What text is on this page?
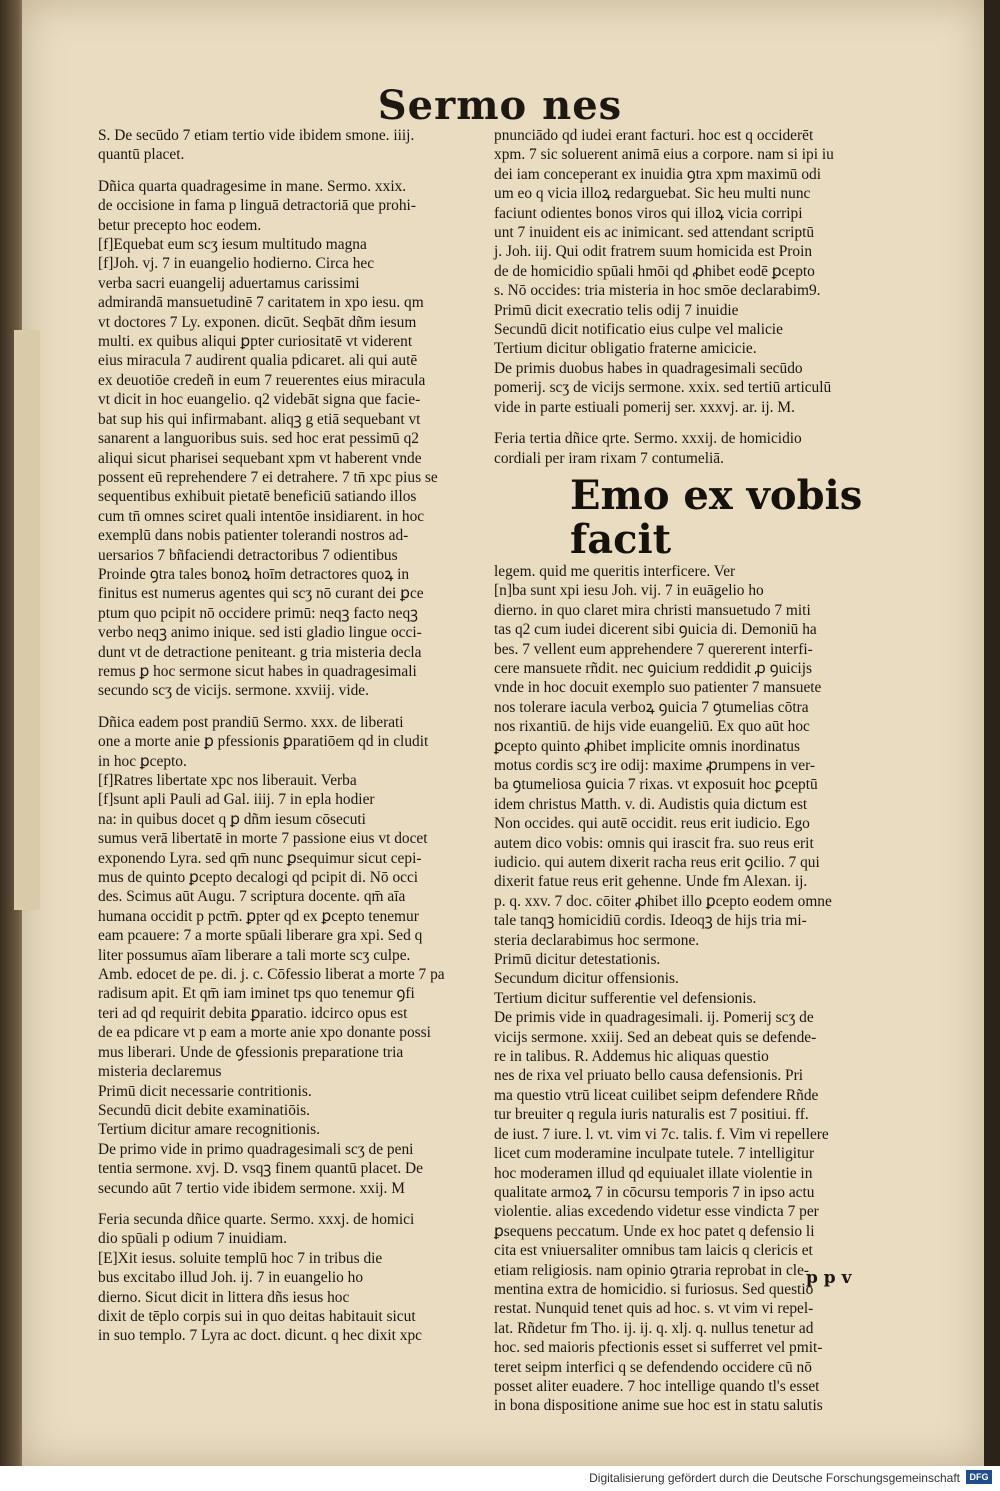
Sermo nes
S. De secūdo 7 etiam tertio vide ibidem smone. iiij.
quantū placet.
Dñica quarta quadragesime in mane. Sermo. xxix.
de occisione in fama p linguā detractoriā que prohi-
betur precepto hoc eodem.
[f]Equebat eum scʒ iesum multitudo magna
[f]Joh. vj. 7 in euangelio hodierno. Circa hec
verba sacri euangelij aduertamus carissimi
admirandā mansuetudinē 7 caritatem in xpo iesu. qm
vt doctores 7 Ly. exponen. dicūt. Seqbāt dñm iesum
multi. ex quibus aliqui ꝑpter curiositatē vt viderent
eius miracula 7 audirent qualia pdicaret. ali qui autē
ex deuotiōe credeñ in eum 7 reuerentes eius miracula
vt dicit in hoc euangelio. q2 videbāt signa que facie-
bat sup his qui infirmabant. aliqꝫ g etiā sequebant vt
sanarent a languoribus suis. sed hoc erat pessimū q2
aliqui sicut pharisei sequebant xpm vt haberent vnde
possent eū reprehendere 7 ei detrahere. 7 tn̄ xpc pius se
sequentibus exhibuit pietatē beneficiū satiando illos
cum tn̄ omnes sciret quali intentōe insidiarent. in hoc
exemplū dans nobis patienter tolerandi nostros ad-
uersarios 7 bñfaciendi detractoribus 7 odientibus
Proinde ꝯtra tales bonoꝝ hoīm detractores quoꝝ in
finitus est numerus agentes qui scʒ nō curant dei ꝑce
ptum quo pcipit nō occidere primū: neqꝫ facto neqꝫ
verbo neqꝫ animo inique. sed isti gladio lingue occi-
dunt vt de detractione peniteant. g tria misteria decla
remus ꝑ hoc sermone sicut habes in quadragesimali
secundo scʒ de vicijs. sermone. xxviij. vide.
Dñica eadem post prandiū Sermo. xxx. de liberati
one a morte anie ꝑ pfessionis ꝑparatiōem qd in cludit
in hoc ꝑcepto.
[f]Ratres libertate xpc nos liberauit. Verba
[f]sunt apli Pauli ad Gal. iiij. 7 in epla hodier
na: in quibus docet q ꝑ dñm iesum cōsecuti
sumus verā libertatē in morte 7 passione eius vt docet
exponendo Lyra. sed qm̄ nunc ꝑsequimur sicut cepi-
mus de quinto ꝑcepto decalogi qd pcipit di. Nō occi
des. Scimus aūt Augu. 7 scriptura docente. qm̄ aīa
humana occidit p pctm̄. ꝑpter qd ex ꝑcepto tenemur
eam pcauere: 7 a morte spūali liberare gra xpi. Sed q
liter possumus aīam liberare a tali morte scʒ culpe.
Amb. edocet de pe. di. j. c. Cōfessio liberat a morte 7 pa
radisum apit. Et qm̄ iam iminet tps quo tenemur ꝯfi
teri ad qd requirit debita ꝑparatio. idcirco opus est
de ea pdicare vt p eam a morte anie xpo donante possi
mus liberari. Unde de ꝯfessionis preparatione tria
misteria declaremus
Primū dicit necessarie contritionis.
Secundū dicit debite examinatiōis.
Tertium dicitur amare recognitionis.
De primo vide in primo quadragesimali scʒ de peni
tentia sermone. xvj. D. vsqꝫ finem quantū placet. De
secundo aūt 7 tertio vide ibidem sermone. xxij. M
Feria secunda dñice quarte. Sermo. xxxj. de homici
dio spūali p odium 7 inuidiam.
[E]Xit iesus. soluite templū hoc 7 in tribus die
bus excitabo illud Joh. ij. 7 in euangelio ho
dierno. Sicut dicit in littera dñs iesus hoc
dixit de tēplo corpis sui in quo deitas habitauit sicut
in suo templo. 7 Lyra ac doct. dicunt. q hec dixit xpc
pnunciādo qd iudei erant facturi. hoc est q occiderēt
xpm. 7 sic soluerent animā eius a corpore. nam si ipi iu
dei iam conceperant ex inuidia ꝯtra xpm maximū odi
um eo q vicia illoꝝ redarguebat. Sic heu multi nunc
faciunt odientes bonos viros qui illoꝝ vicia corripi
unt 7 inuident eis ac inimicant. sed attendant scriptū
j. Joh. iij. Qui odit fratrem suum homicida est Proin
de de homicidio spūali hmōi qd ꝓhibet eodē ꝑcepto
s. Nō occides: tria misteria in hoc smōe declarabim9.
Primū dicit execratio telis odij 7 inuidie
Secundū dicit notificatio eius culpe vel malicie
Tertium dicitur obligatio fraterne amicicie.
De primis duobus habes in quadragesimali secūdo
pomerij. scʒ de vicijs sermone. xxix. sed tertiū articulū
vide in parte estiuali pomerij ser. xxxvj. ar. ij. M.
Feria tertia dñice qrte. Sermo. xxxij. de homicidio
cordiali per iram rixam 7 contumeliā.
Emo ex vobis facit
legem. quid me queritis interficere. Ver
[n]ba sunt xpi iesu Joh. vij. 7 in euāgelio ho
dierno. in quo claret mira christi mansuetudo 7 miti
tas q2 cum iudei dicerent sibi ꝯuicia di. Demoniū ha
bes. 7 vellent eum apprehendere 7 quererent interfi-
cere mansuete rñdit. nec ꝯuicium reddidit ꝓ ꝯuicijs
vnde in hoc docuit exemplo suo patienter 7 mansuete
nos tolerare iacula verboꝝ ꝯuicia 7 ꝯtumelias cōtra
nos rixantiū. de hijs vide euangeliū. Ex quo aūt hoc
ꝑcepto quinto ꝓhibet implicite omnis inordinatus
motus cordis scʒ ire odij: maxime ꝓrumpens in ver-
ba ꝯtumeliosa ꝯuicia 7 rixas. vt exposuit hoc ꝑceptū
idem christus Matth. v. di. Audistis quia dictum est
Non occides. qui autē occidit. reus erit iudicio. Ego
autem dico vobis: omnis qui irascit fra. suo reus erit
iudicio. qui autem dixerit racha reus erit ꝯcilio. 7 qui
dixerit fatue reus erit gehenne. Unde fm Alexan. ij.
p. q. xxv. 7 doc. cōiter ꝓhibet illo ꝑcepto eodem omne
tale tanqꝫ homicidiū cordis. Ideoqꝫ de hijs tria mi-
steria declarabimus hoc sermone.
Primū dicitur detestationis.
Secundum dicitur offensionis.
Tertium dicitur sufferentie vel defensionis.
De primis vide in quadragesimali. ij. Pomerij scʒ de
vicijs sermone. xxiij. Sed an debeat quis se defende-
re in talibus. R. Addemus hic aliquas questio
nes de rixa vel priuato bello causa defensionis. Pri
ma questio vtrū liceat cuilibet seipm defendere Rñde
tur breuiter q regula iuris naturalis est 7 positiui. ff.
de iust. 7 iure. l. vt. vim vi 7c. talis. f. Vim vi repellere
licet cum moderamine inculpate tutele. 7 intelligitur
hoc moderamen illud qd equiualet illate violentie in
qualitate armoꝝ 7 in cōcursu temporis 7 in ipso actu
violentie. alias excedendo videtur esse vindicta 7 per
ꝑsequens peccatum. Unde ex hoc patet q defensio li
cita est vniuersaliter omnibus tam laicis q clericis et
etiam religiosis. nam opinio ꝯtraria reprobat in cle-
mentina extra de homicidio. si furiosus. Sed questio
restat. Nunquid tenet quis ad hoc. s. vt vim vi repel-
lat. Rñdetur fm Tho. ij. ij. q. xlj. q. nullus tenetur ad
hoc. sed maioris pfectionis esset si sufferret vel pmit-
teret seipm interfici q se defendendo occidere cū nō
posset aliter euadere. 7 hoc intellige quando tl's esset
in bona dispositione anime sue hoc est in statu salutis
p p v
Digitalisierung gefördert durch die Deutsche Forschungsgemeinschaft	DFG
